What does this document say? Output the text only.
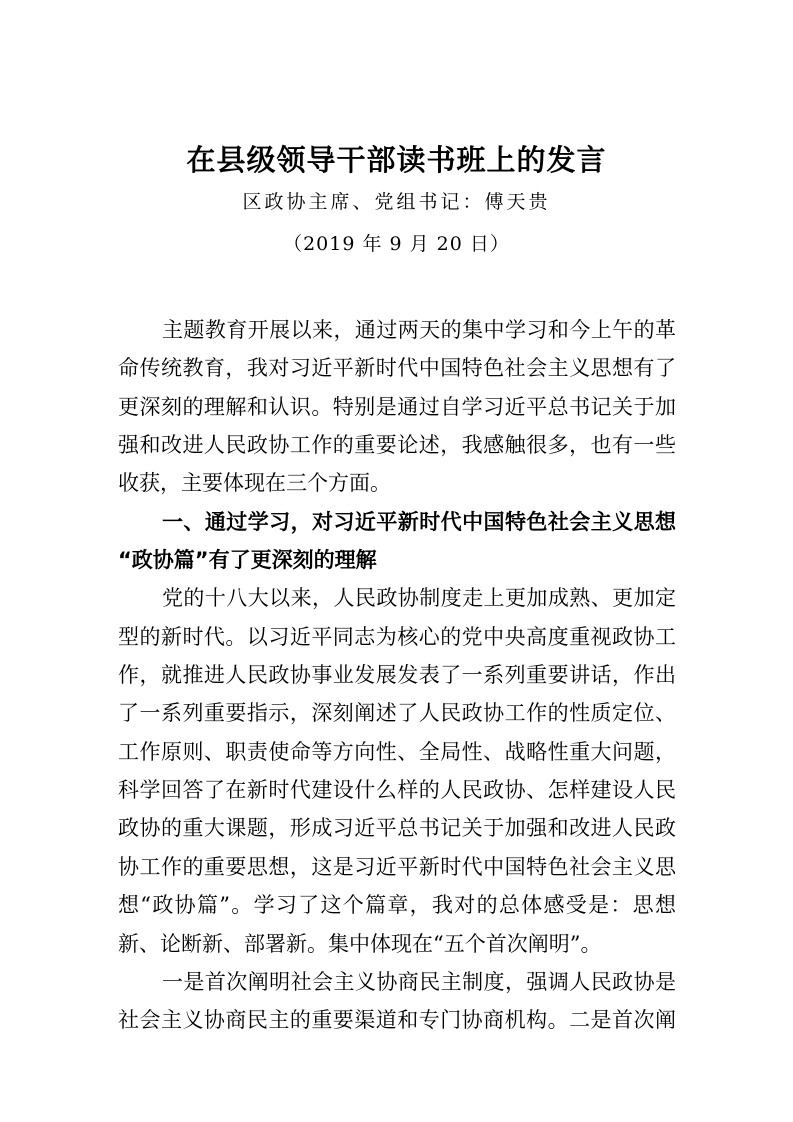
在县级领导干部读书班上的发言
区政协主席、党组书记：傅天贵
（2019 年 9 月 20 日）
主题教育开展以来，通过两天的集中学习和今上午的革
命传统教育，我对习近平新时代中国特色社会主义思想有了
更深刻的理解和认识。特别是通过自学习近平总书记关于加
强和改进人民政协工作的重要论述，我感触很多，也有一些
收获，主要体现在三个方面。
一、通过学习，对习近平新时代中国特色社会主义思想
“政协篇”有了更深刻的理解
党的十八大以来，人民政协制度走上更加成熟、更加定
型的新时代。以习近平同志为核心的党中央高度重视政协工
作，就推进人民政协事业发展发表了一系列重要讲话，作出
了一系列重要指示，深刻阐述了人民政协工作的性质定位、
工作原则、职责使命等方向性、全局性、战略性重大问题，
科学回答了在新时代建设什么样的人民政协、怎样建设人民
政协的重大课题，形成习近平总书记关于加强和改进人民政
协工作的重要思想，这是习近平新时代中国特色社会主义思
想“政协篇”。学习了这个篇章，我对的总体感受是：思想
新、论断新、部署新。集中体现在“五个首次阐明”。
一是首次阐明社会主义协商民主制度，强调人民政协是
社会主义协商民主的重要渠道和专门协商机构。二是首次阐
